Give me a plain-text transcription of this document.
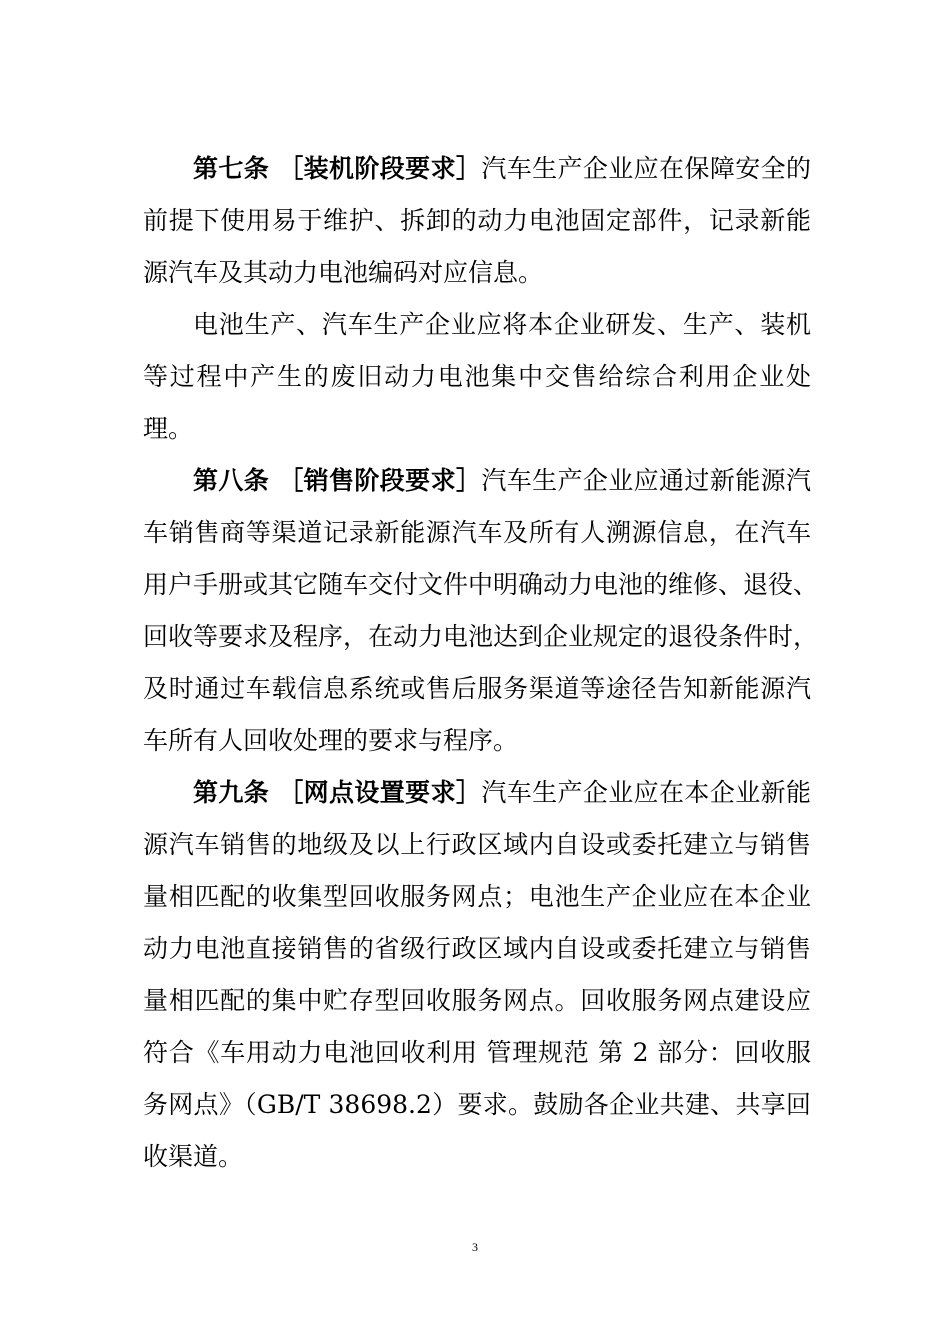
第七条 ［装机阶段要求］汽车生产企业应在保障安全的
前提下使用易于维护、拆卸的动力电池固定部件，记录新能
源汽车及其动力电池编码对应信息。
电池生产、汽车生产企业应将本企业研发、生产、装机
等过程中产生的废旧动力电池集中交售给综合利用企业处
理。
第八条 ［销售阶段要求］汽车生产企业应通过新能源汽
车销售商等渠道记录新能源汽车及所有人溯源信息，在汽车
用户手册或其它随车交付文件中明确动力电池的维修、退役、
回收等要求及程序，在动力电池达到企业规定的退役条件时，
及时通过车载信息系统或售后服务渠道等途径告知新能源汽
车所有人回收处理的要求与程序。
第九条 ［网点设置要求］汽车生产企业应在本企业新能
源汽车销售的地级及以上行政区域内自设或委托建立与销售
量相匹配的收集型回收服务网点；电池生产企业应在本企业
动力电池直接销售的省级行政区域内自设或委托建立与销售
量相匹配的集中贮存型回收服务网点。回收服务网点建设应
符合《车用动力电池回收利用 管理规范 第 2 部分：回收服
务网点》（GB/T 38698.2）要求。鼓励各企业共建、共享回
收渠道。
3
